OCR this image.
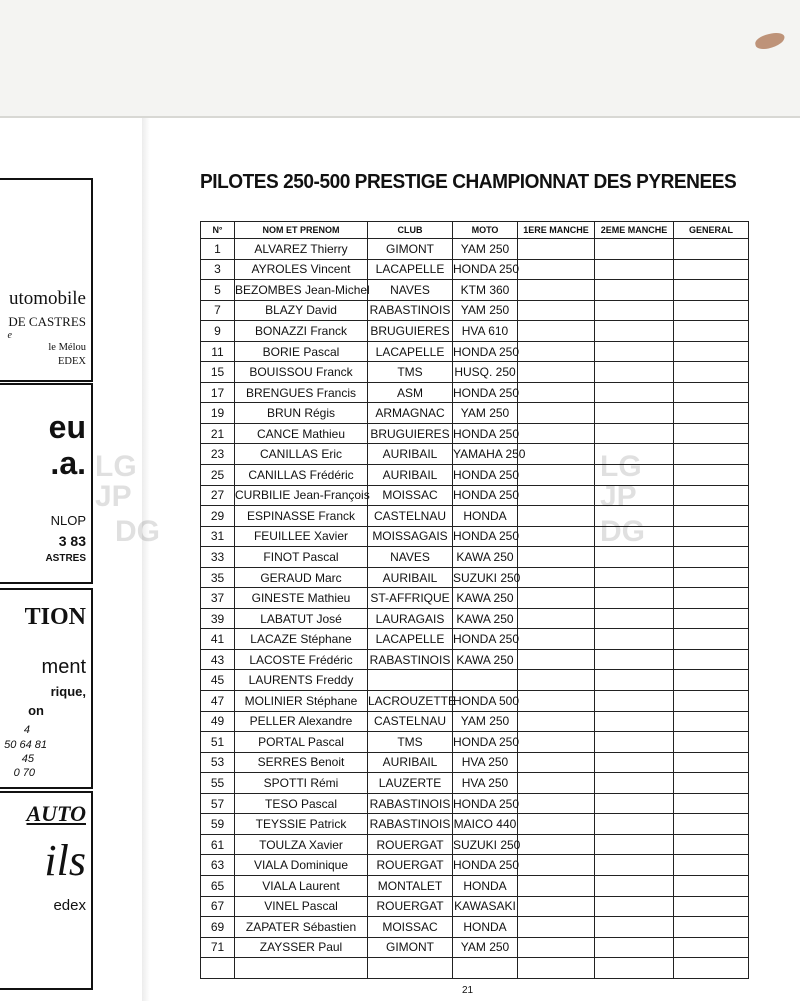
utomobile
DE CASTRES
e
le Mélou
EDEX
eu
.a.
NLOP
3 83
ASTRES
TION
ment
rique,
on
4
50 64 81
45
0 70
AUTO
ils
edex
PILOTES 250-500 PRESTIGE CHAMPIONNAT DES PYRENEES
N°	NOM ET PRENOM	CLUB	MOTO	1ERE MANCHE	2EME MANCHE	GENERAL
1	ALVAREZ Thierry	GIMONT	YAM 250			
3	AYROLES Vincent	LACAPELLE	HONDA 250			
5	BEZOMBES Jean-Michel	NAVES	KTM 360			
7	BLAZY David	RABASTINOIS	YAM 250			
9	BONAZZI Franck	BRUGUIERES	HVA 610			
11	BORIE Pascal	LACAPELLE	HONDA 250			
15	BOUISSOU Franck	TMS	HUSQ. 250			
17	BRENGUES Francis	ASM	HONDA 250			
19	BRUN Régis	ARMAGNAC	YAM 250			
21	CANCE Mathieu	BRUGUIERES	HONDA 250			
23	CANILLAS Eric	AURIBAIL	YAMAHA 250			
25	CANILLAS Frédéric	AURIBAIL	HONDA 250			
27	CURBILIE Jean-François	MOISSAC	HONDA 250			
29	ESPINASSE Franck	CASTELNAU	HONDA			
31	FEUILLEE Xavier	MOISSAGAIS	HONDA 250			
33	FINOT Pascal	NAVES	KAWA 250			
35	GERAUD Marc	AURIBAIL	SUZUKI 250			
37	GINESTE Mathieu	ST-AFFRIQUE	KAWA 250			
39	LABATUT José	LAURAGAIS	KAWA 250			
41	LACAZE Stéphane	LACAPELLE	HONDA 250			
43	LACOSTE Frédéric	RABASTINOIS	KAWA 250			
45	LAURENTS Freddy					
47	MOLINIER Stéphane	LACROUZETTE	HONDA 500			
49	PELLER Alexandre	CASTELNAU	YAM 250			
51	PORTAL Pascal	TMS	HONDA 250			
53	SERRES Benoit	AURIBAIL	HVA 250			
55	SPOTTI Rémi	LAUZERTE	HVA 250			
57	TESO Pascal	RABASTINOIS	HONDA 250			
59	TEYSSIE Patrick	RABASTINOIS	MAICO 440			
61	TOULZA Xavier	ROUERGAT	SUZUKI 250			
63	VIALA Dominique	ROUERGAT	HONDA 250			
65	VIALA Laurent	MONTALET	HONDA			
67	VINEL Pascal	ROUERGAT	KAWASAKI			
69	ZAPATER Sébastien	MOISSAC	HONDA			
71	ZAYSSER Paul	GIMONT	YAM 250			

21
LG
JP
DG
LG
JP
DG
